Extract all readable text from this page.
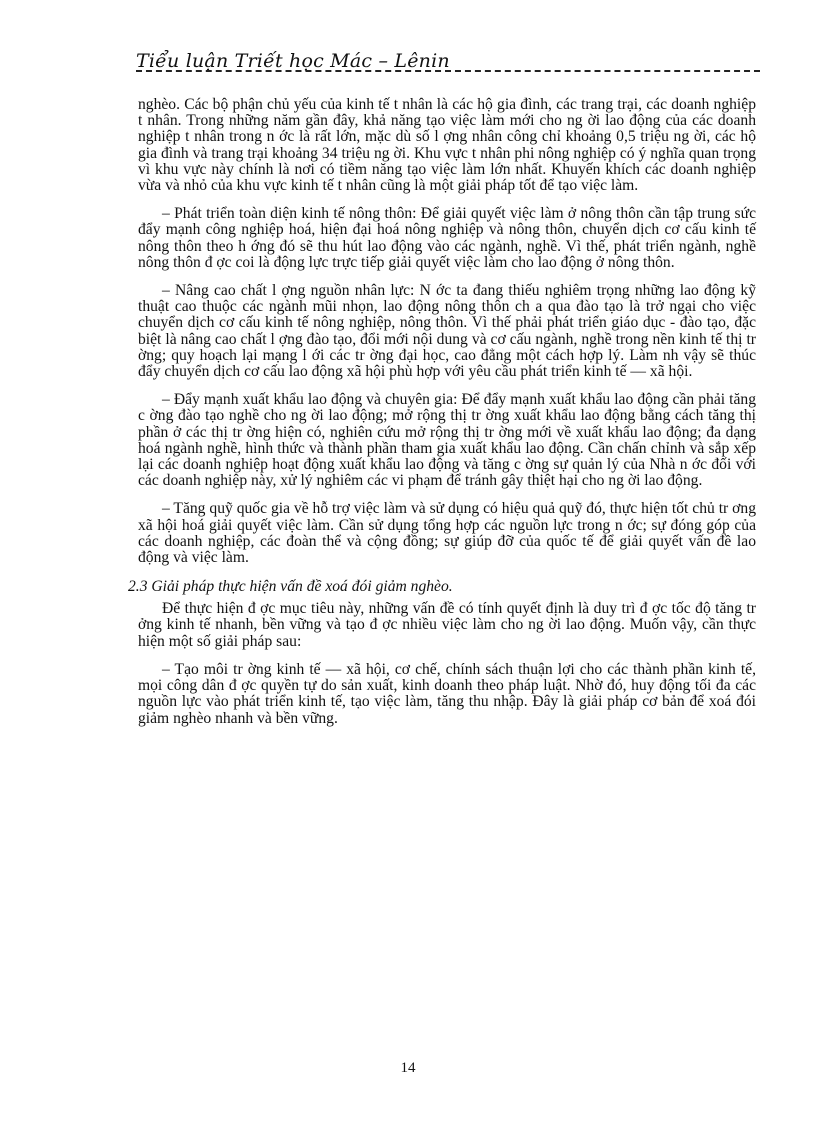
Tiểu luận Triết học Mác – Lênin

nghèo. Các bộ phận chủ yếu của kinh tế t nhân là các hộ gia đình, các trang trại, các doanh nghiệp t nhân. Trong những năm gần đây, khả năng tạo việc làm mới cho ng ời lao động của các doanh nghiệp t nhân trong n ớc là rất lớn, mặc dù số l ợng nhân công chỉ khoảng 0,5 triệu ng ời, các hộ gia đình và trang trại khoảng 34 triệu ng ời. Khu vực t nhân phi nông nghiệp có ý nghĩa quan trọng vì khu vực này chính là nơi có tiềm năng tạo việc làm lớn nhất. Khuyến khích các doanh nghiệp vừa và nhỏ của khu vực kinh tế t nhân cũng là một giải pháp tốt để tạo việc làm.

– Phát triển toàn diện kinh tế nông thôn: Để giải quyết việc làm ở nông thôn cần tập trung sức đẩy mạnh công nghiệp hoá, hiện đại hoá nông nghiệp và nông thôn, chuyển dịch cơ cấu kinh tế nông thôn theo h ớng đó sẽ thu hút lao động vào các ngành, nghề. Vì thế, phát triển ngành, nghề nông thôn đ ợc coi là động lực trực tiếp giải quyết việc làm cho lao động ở nông thôn.

– Nâng cao chất l ợng nguồn nhân lực: N ớc ta đang thiếu nghiêm trọng những lao động kỹ thuật cao thuộc các ngành mũi nhọn, lao động nông thôn ch a qua đào tạo là trở ngại cho việc chuyển dịch cơ cấu kinh tế nông nghiệp, nông thôn. Vì thế phải phát triển giáo dục - đào tạo, đặc biệt là nâng cao chất l ợng đào tạo, đổi mới nội dung và cơ cấu ngành, nghề trong nền kinh tế thị tr ờng; quy hoạch lại mạng l ới các tr ờng đại học, cao đẳng một cách hợp lý. Làm nh vậy sẽ thúc đẩy chuyển dịch cơ cấu lao động xã hội phù hợp với yêu cầu phát triển kinh tế — xã hội.

– Đẩy mạnh xuất khẩu lao động và chuyên gia: Để đẩy mạnh xuất khẩu lao động cần phải tăng c ờng đào tạo nghề cho ng ời lao động; mở rộng thị tr ờng xuất khẩu lao động bằng cách tăng thị phần ở các thị tr ờng hiện có, nghiên cứu mở rộng thị tr ờng mới về xuất khẩu lao động; đa dạng hoá ngành nghề, hình thức và thành phần tham gia xuất khẩu lao động. Cần chấn chỉnh và sắp xếp lại các doanh nghiệp hoạt động xuất khẩu lao động và tăng c ờng sự quản lý của Nhà n ớc đối với các doanh nghiệp này, xử lý nghiêm các vi phạm để tránh gây thiệt hại cho ng ời lao động.

– Tăng quỹ quốc gia về hỗ trợ việc làm và sử dụng có hiệu quả quỹ đó, thực hiện tốt chủ tr ơng xã hội hoá giải quyết việc làm. Cần sử dụng tổng hợp các nguồn lực trong n ớc; sự đóng góp của các doanh nghiệp, các đoàn thể và cộng đồng; sự giúp đỡ của quốc tế để giải quyết vấn đề lao động và việc làm.

2.3 Giải pháp thực hiện vấn đề xoá đói giảm nghèo.

Để thực hiện đ ợc mục tiêu này, những vấn đề có tính quyết định là duy trì đ ợc tốc độ tăng tr ởng kinh tế nhanh, bền vững và tạo đ ợc nhiều việc làm cho ng ời lao động. Muốn vậy, cần thực hiện một số giải pháp sau:

– Tạo môi tr ờng kinh tế — xã hội, cơ chế, chính sách thuận lợi cho các thành phần kinh tế, mọi công dân đ ợc quyền tự do sản xuất, kinh doanh theo pháp luật. Nhờ đó, huy động tối đa các nguồn lực vào phát triển kinh tế, tạo việc làm, tăng thu nhập. Đây là giải pháp cơ bản để xoá đói giảm nghèo nhanh và bền vững.

14
